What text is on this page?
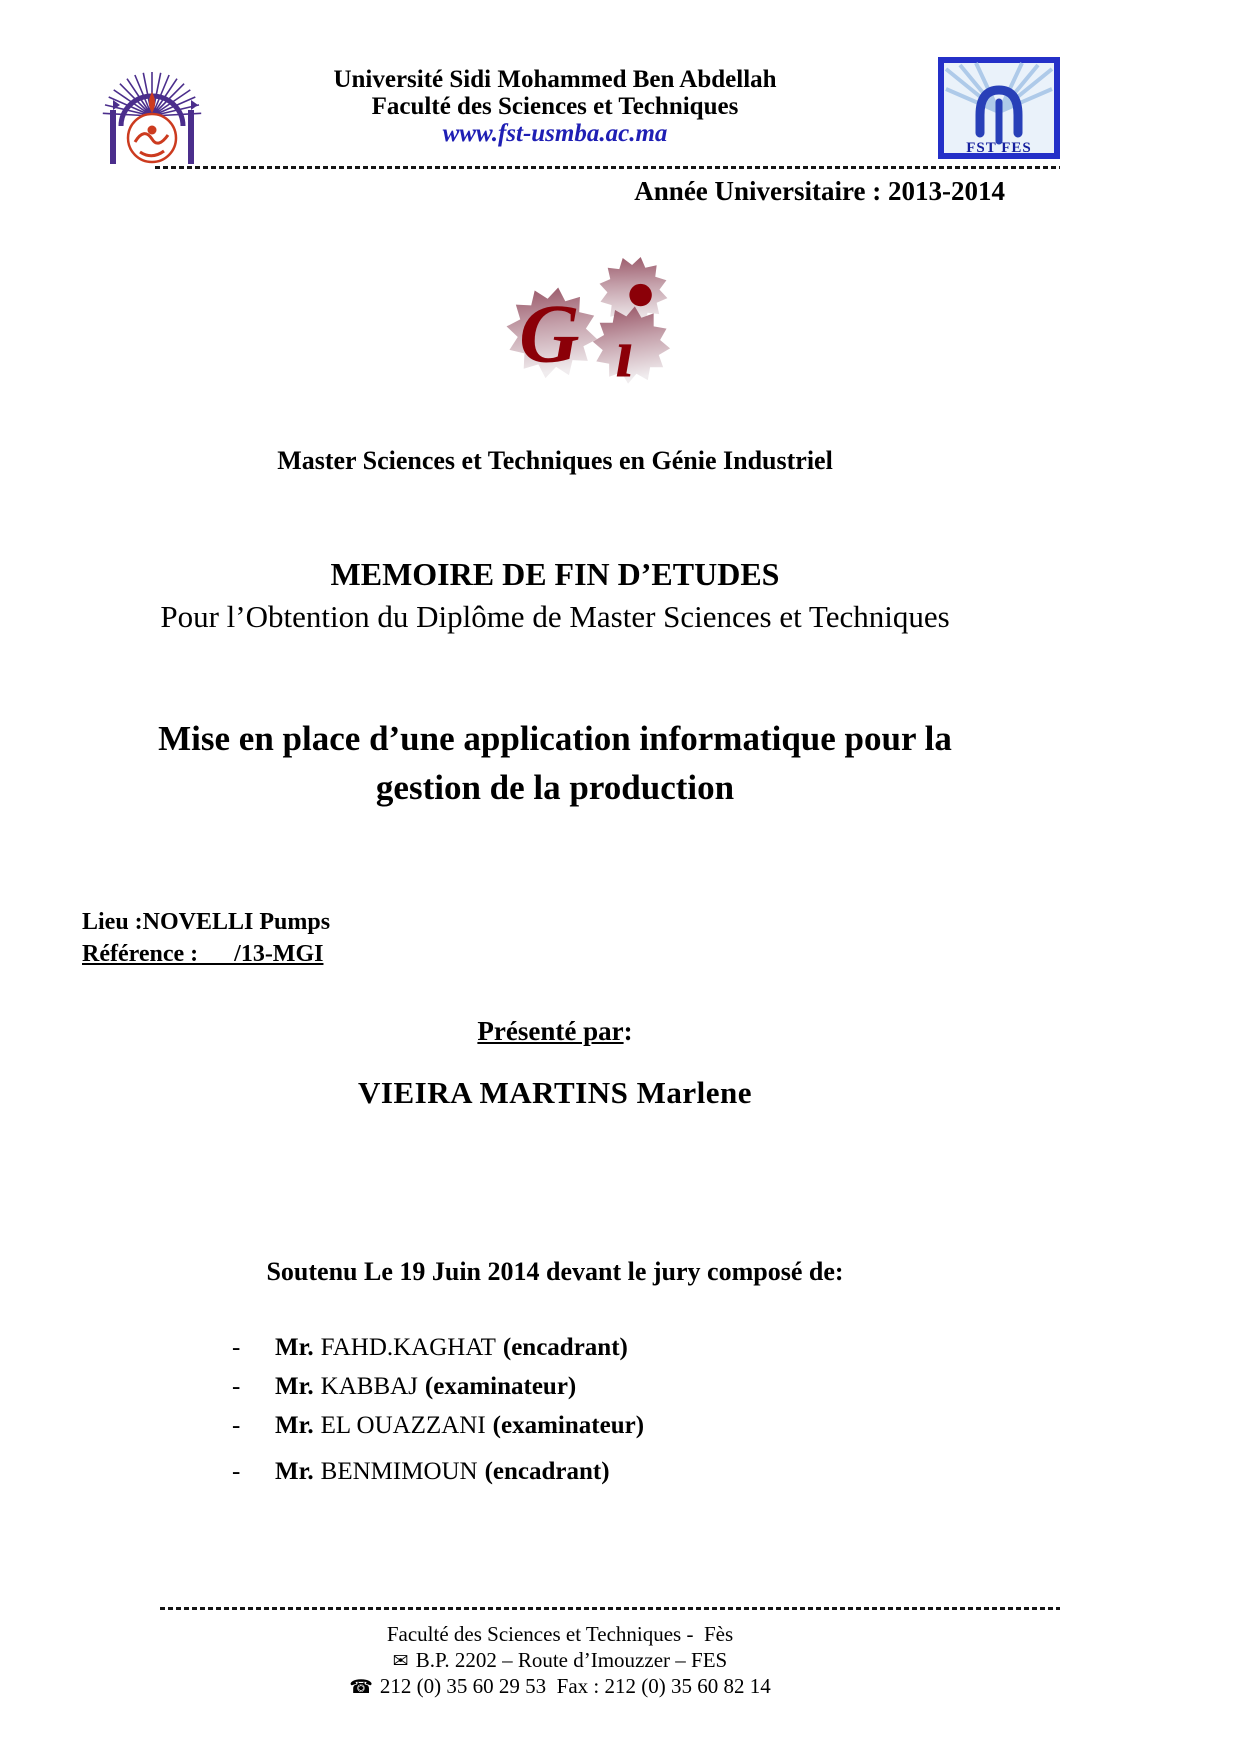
Université Sidi Mohammed Ben Abdellah
Faculté des Sciences et Techniques
www.fst-usmba.ac.ma
FST FES
Année Universitaire : 2013-2014
G ı
Master Sciences et Techniques en Génie Industriel
MEMOIRE DE FIN D’ETUDES
Pour l’Obtention du Diplôme de Master Sciences et Techniques
Mise en place d’une application informatique pour la
gestion de la production
Lieu :NOVELLI Pumps
Référence :      /13-MGI
Présenté par:
VIEIRA MARTINS Marlene
Soutenu Le 19 Juin 2014 devant le jury composé de:
- Mr. FAHD.KAGHAT (encadrant)
- Mr. KABBAJ (examinateur)
- Mr. EL OUAZZANI (examinateur)
- Mr. BENMIMOUN (encadrant)
Faculté des Sciences et Techniques -  Fès
✉ B.P. 2202 – Route d’Imouzzer – FES
☎ 212 (0) 35 60 29 53  Fax : 212 (0) 35 60 82 14
